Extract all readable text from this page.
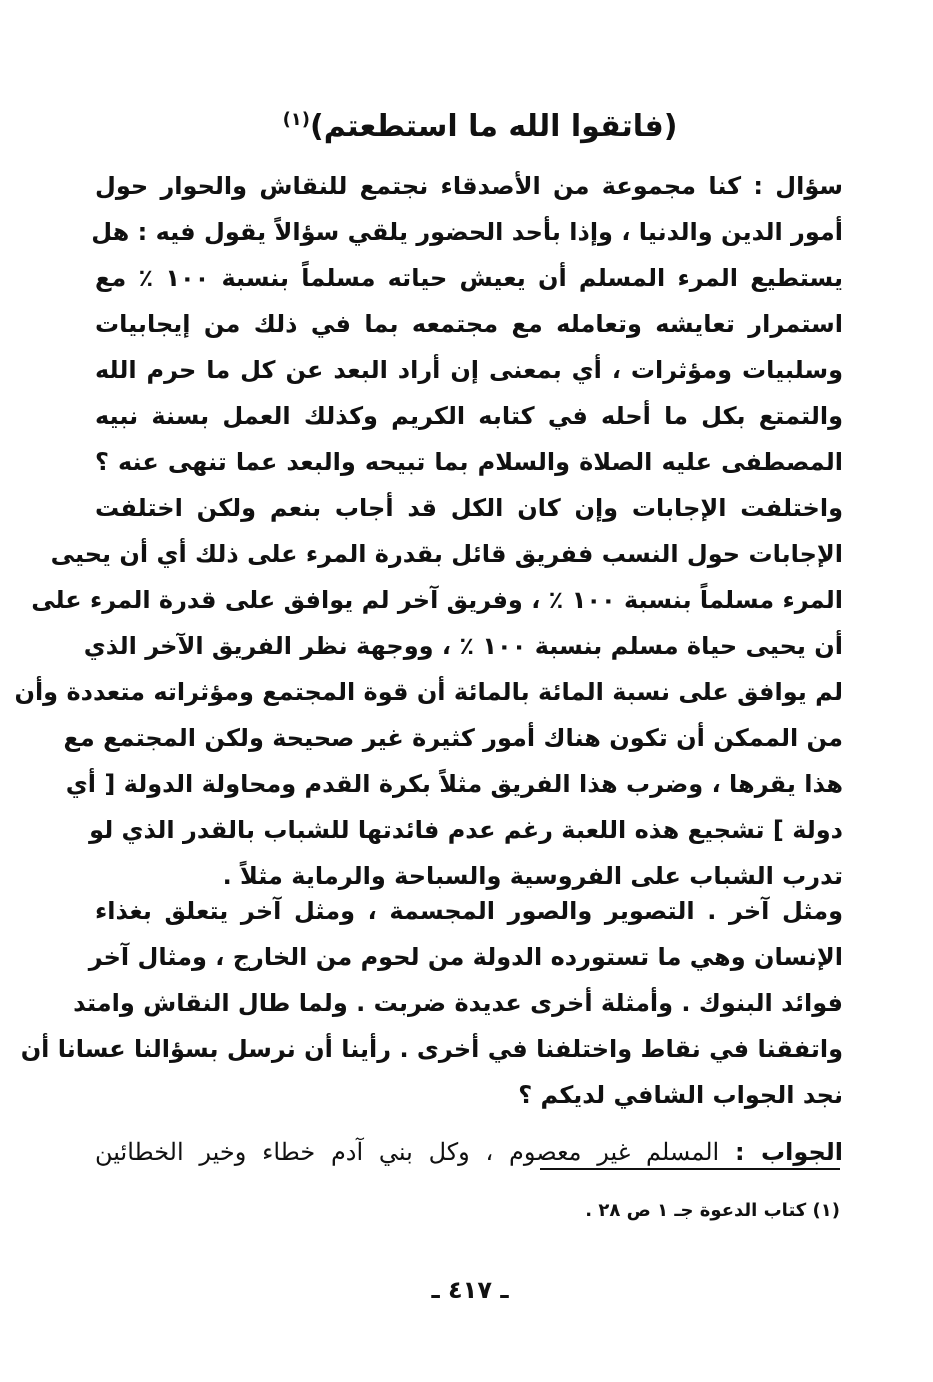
(فاتقوا الله ما استطعتم)$^{(١)}$
سؤال : كنا مجموعة من الأصدقاء نجتمع للنقاش والحوار حول
أمور الدين والدنيا ، وإذا بأحد الحضور يلقي سؤالاً يقول فيه : هل
يستطيع المرء المسلم أن يعيش حياته مسلماً بنسبة ١٠٠ ٪ مع
استمرار تعايشه وتعامله مع مجتمعه بما في ذلك من إيجابيات
وسلبيات ومؤثرات ، أي بمعنى إن أراد البعد عن كل ما حرم الله
والتمتع بكل ما أحله في كتابه الكريم وكذلك العمل بسنة نبيه
المصطفى عليه الصلاة والسلام بما تبيحه والبعد عما تنهى عنه ؟
واختلفت الإجابات وإن كان الكل قد أجاب بنعم ولكن اختلفت
الإجابات حول النسب ففريق قائل بقدرة المرء على ذلك أي أن يحيى
المرء مسلماً بنسبة ١٠٠ ٪ ، وفريق آخر لم يوافق على قدرة المرء على
أن يحيى حياة مسلم بنسبة ١٠٠ ٪ ، ووجهة نظر الفريق الآخر الذي
لم يوافق على نسبة المائة بالمائة أن قوة المجتمع ومؤثراته متعددة وأن
من الممكن أن تكون هناك أمور كثيرة غير صحيحة ولكن المجتمع مع
هذا يقرها ، وضرب هذا الفريق مثلاً بكرة القدم ومحاولة الدولة [ أي
دولة ] تشجيع هذه اللعبة رغم عدم فائدتها للشباب بالقدر الذي لو
تدرب الشباب على الفروسية والسباحة والرماية مثلاً .
ومثل آخر . التصوير والصور المجسمة ، ومثل آخر يتعلق بغذاء
الإنسان وهي ما تستورده الدولة من لحوم من الخارج ، ومثال آخر
فوائد البنوك . وأمثلة أخرى عديدة ضربت . ولما طال النقاش وامتد
واتفقنا في نقاط واختلفنا في أخرى . رأينا أن نرسل بسؤالنا عسانا أن
نجد الجواب الشافي لديكم ؟
الجواب : المسلم غير معصوم ، وكل بني آدم خطاء وخير الخطائين
(١) كتاب الدعوة جـ ١ ص ٢٨ .
ـ ٤١٧ ـ
